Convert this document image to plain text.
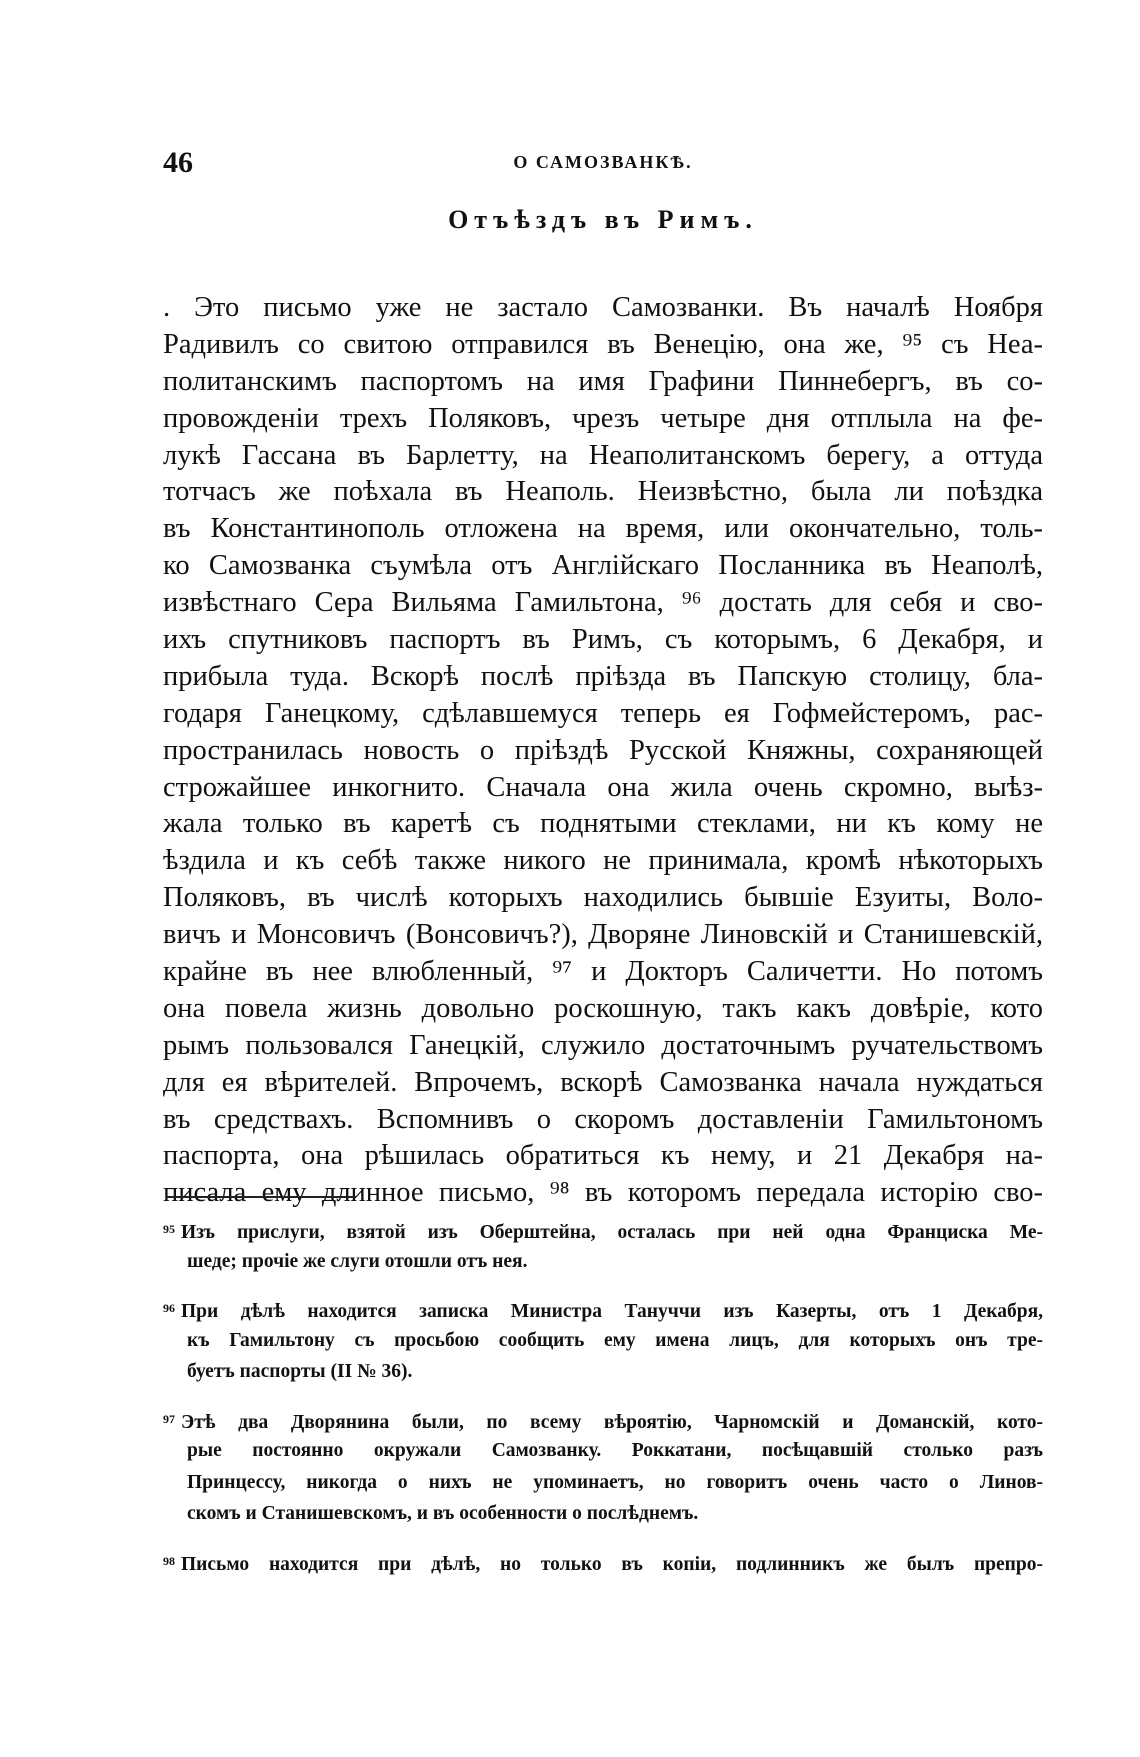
46	О САМОЗВАНКѢ.
Отъѣздъ въ Римъ.
. Это письмо уже не застало Самозванки. Въ началѣ Ноября
Радивилъ со свитою отправился въ Венецію, она же, ⁹⁵ съ Неа-
политанскимъ паспортомъ на имя Графини Пиннебергъ, въ со-
провожденіи трехъ Поляковъ, чрезъ четыре дня отплыла на фе-
лукѣ Гассана въ Барлетту, на Неаполитанскомъ берегу, а оттуда
тотчасъ же поѣхала въ Неаполь. Неизвѣстно, была ли поѣздка
въ Константинополь отложена на время, или окончательно, толь-
ко Самозванка съумѣла отъ Англійскаго Посланника въ Неаполѣ,
извѣстнаго Сера Вильяма Гамильтона, ⁹⁶ достать для себя и сво-
ихъ спутниковъ паспортъ въ Римъ, съ которымъ, 6 Декабря, и
прибыла туда. Вскорѣ послѣ пріѣзда въ Папскую столицу, бла-
годаря Ганецкому, сдѣлавшемуся теперь ея Гофмейстеромъ, рас-
пространилась новость о пріѣздѣ Русской Княжны, сохраняющей
строжайшее инкогнито. Сначала она жила очень скромно, выѣз-
жала только въ каретѣ съ поднятыми стеклами, ни къ кому не
ѣздила и къ себѣ также никого не принимала, кромѣ нѣкоторыхъ
Поляковъ, въ числѣ которыхъ находились бывшіе Езуиты, Воло-
вичъ и Монсовичъ (Вонсовичъ?), Дворяне Линовскій и Станишевскій,
крайне въ нее влюбленный, ⁹⁷ и Докторъ Саличетти. Но потомъ
она повела жизнь довольно роскошную, такъ какъ довѣріе, кото
рымъ пользовался Ганецкій, служило достаточнымъ ручательствомъ
для ея вѣрителей. Впрочемъ, вскорѣ Самозванка начала нуждаться
въ средствахъ. Вспомнивъ о скоромъ доставленіи Гамильтономъ
паспорта, она рѣшилась обратиться къ нему, и 21 Декабря на-
писала ему длинное письмо, ⁹⁸ въ которомъ передала исторію сво-
$^{95}$ Изъ прислуги, взятой изъ Оберштейна, осталась при ней одна Франциска Ме-
шеде; прочіе же слуги отошли отъ нея.
$^{96}$ При дѣлѣ находится записка Министра Тануччи изъ Казерты, отъ 1 Декабря,
къ Гамильтону съ просьбою сообщить ему имена лицъ, для которыхъ онъ тре-
буетъ паспорты (II № 36).
$^{97}$ Этѣ два Дворянина были, по всему вѣроятію, Чарномскій и Доманскій, кото-
рые постоянно окружали Самозванку. Роккатани, посѣщавшій столько разъ
Принцессу, никогда о нихъ не упоминаетъ, но говоритъ очень часто о Линов-
скомъ и Станишевскомъ, и въ особенности о послѣднемъ.
$^{98}$ Письмо находится при дѣлѣ, но только въ копіи, подлинникъ же былъ препро-
